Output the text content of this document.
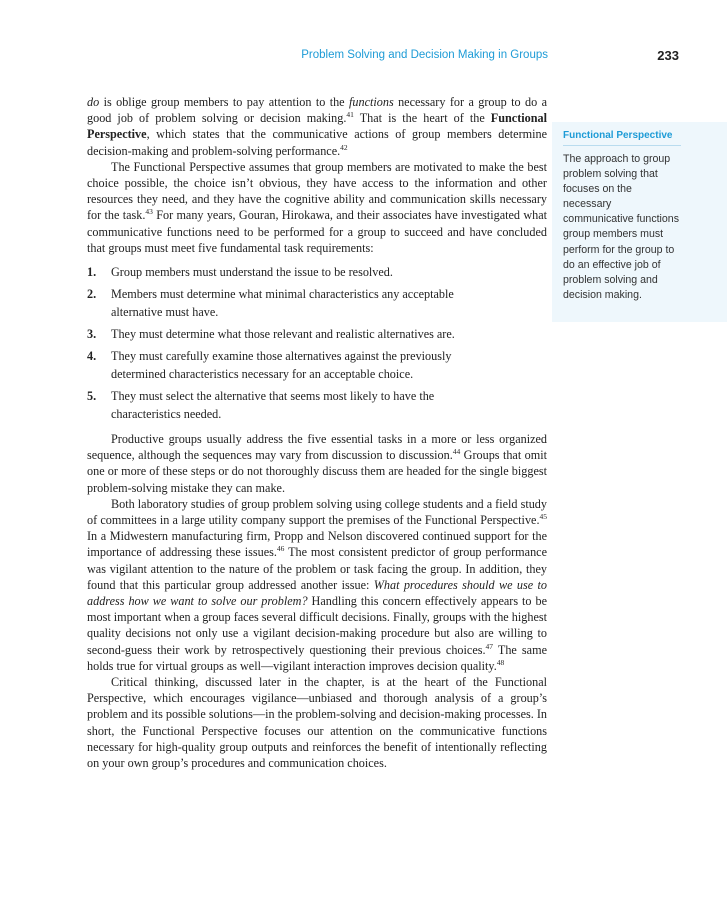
Problem Solving and Decision Making in Groups	233

do is oblige group members to pay attention to the functions necessary for a group to do a good job of problem solving or decision making.$^{41}$ That is the heart of the Functional Perspective, which states that the communicative actions of group members determine decision-making and problem-solving performance.$^{42}$

The Functional Perspective assumes that group members are motivated to make the best choice possible, the choice isn’t obvious, they have access to the information and other resources they need, and they have the cognitive ability and communication skills necessary for the task.$^{43}$ For many years, Gouran, Hirokawa, and their associates have investigated what communicative functions need to be performed for a group to succeed and have concluded that groups must meet five fundamental task requirements:

1.	Group members must understand the issue to be resolved.
2.	Members must determine what minimal characteristics any acceptable alternative must have.
3.	They must determine what those relevant and realistic alternatives are.
4.	They must carefully examine those alternatives against the previously determined characteristics necessary for an acceptable choice.
5.	They must select the alternative that seems most likely to have the characteristics needed.

Productive groups usually address the five essential tasks in a more or less organized sequence, although the sequences may vary from discussion to discussion.$^{44}$ Groups that omit one or more of these steps or do not thoroughly discuss them are headed for the single biggest problem-solving mistake they can make.

Both laboratory studies of group problem solving using college students and a field study of committees in a large utility company support the premises of the Functional Perspective.$^{45}$ In a Midwestern manufacturing firm, Propp and Nelson discovered continued support for the importance of addressing these issues.$^{46}$ The most consistent predictor of group performance was vigilant attention to the nature of the problem or task facing the group. In addition, they found that this particular group addressed another issue: What procedures should we use to address how we want to solve our problem? Handling this concern effectively appears to be most important when a group faces several difficult decisions. Finally, groups with the highest quality decisions not only use a vigilant decision-making procedure but also are willing to second-guess their work by retrospectively questioning their previous choices.$^{47}$ The same holds true for virtual groups as well—vigilant interaction improves decision quality.$^{48}$

Critical thinking, discussed later in the chapter, is at the heart of the Functional Perspective, which encourages vigilance—unbiased and thorough analysis of a group’s problem and its possible solutions—in the problem-solving and decision-making processes. In short, the Functional Perspective focuses our attention on the communicative functions necessary for high-quality group outputs and reinforces the benefit of intentionally reflecting on your own group’s procedures and communication choices.

Functional Perspective
The approach to group problem solving that focuses on the necessary communicative functions group members must perform for the group to do an effective job of problem solving and decision making.
